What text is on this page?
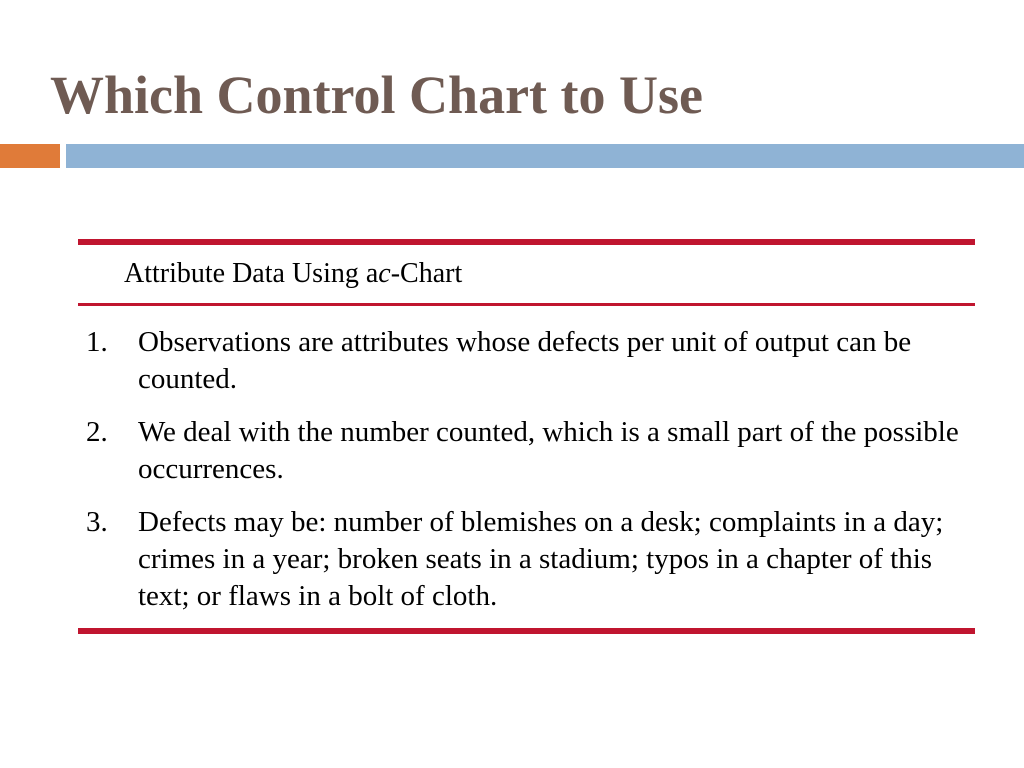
Which Control Chart to Use
Attribute Data Using a c -Chart
1.	Observations are attributes whose defects per unit of output can be counted.
2.	We deal with the number counted, which is a small part of the possible occurrences.
3.	Defects may be: number of blemishes on a desk; complaints in a day; crimes in a year; broken seats in a stadium; typos in a chapter of this text; or flaws in a bolt of cloth.
